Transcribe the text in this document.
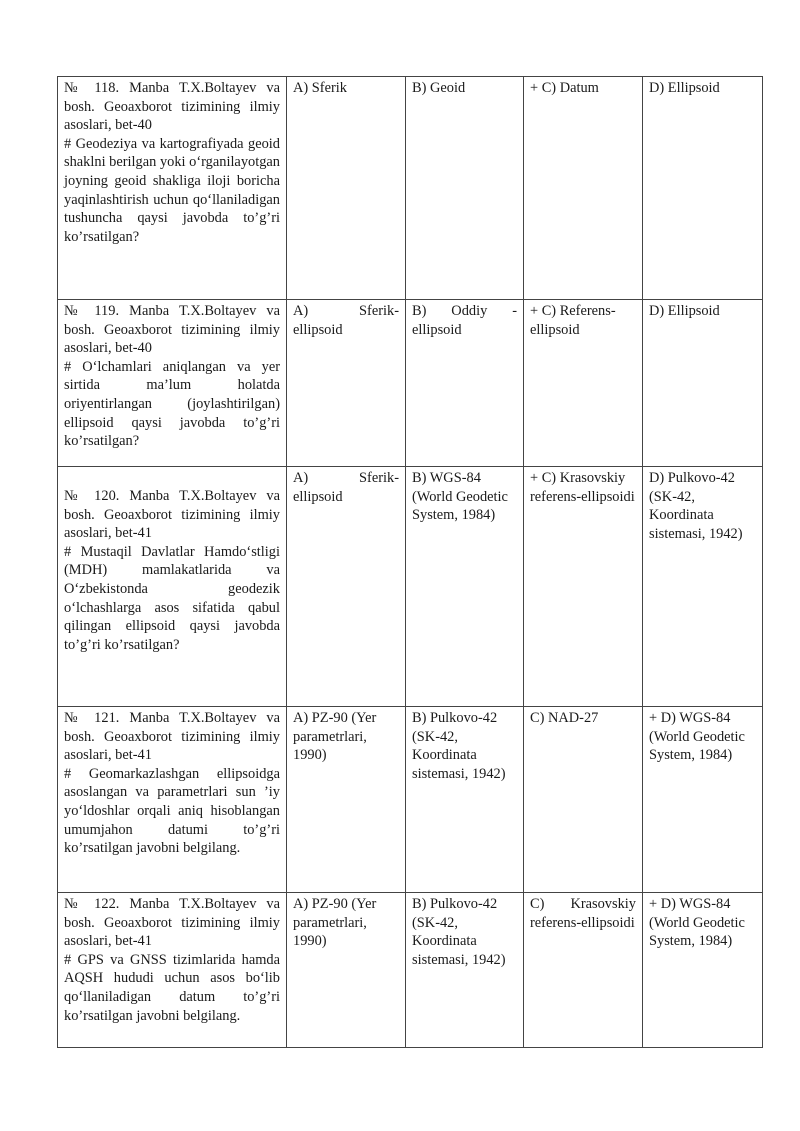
№ 118. Manba T.X.Boltayev va bosh. Geoaxborot tizimining ilmiy asoslari, bet-40
# Geodeziya va kartografiyada geoid shaklni berilgan yoki o‘rganilayotgan joyning geoid shakliga iloji boricha yaqinlashtirish uchun qo‘llaniladigan tushuncha qaysi javobda to’g’ri ko’rsatilgan?	A) Sferik	B) Geoid	+ C) Datum	D) Ellipsoid

№ 119. Manba T.X.Boltayev va bosh. Geoaxborot tizimining ilmiy asoslari, bet-40
# O‘lchamlari aniqlangan va yer sirtida ma’lum holatda oriyentirlangan (joylashtirilgan) ellipsoid qaysi javobda to’g’ri ko’rsatilgan?	A) Sferik-ellipsoid	B) Oddiy - ellipsoid	+ C) Referens-ellipsoid	D) Ellipsoid

№ 120. Manba T.X.Boltayev va bosh. Geoaxborot tizimining ilmiy asoslari, bet-41
# Mustaqil Davlatlar Hamdo‘stligi (MDH) mamlakatlarida va O‘zbekistonda geodezik o‘lchashlarga asos sifatida qabul qilingan ellipsoid qaysi javobda to’g’ri ko’rsatilgan?	A) Sferik-ellipsoid	B) WGS-84 (World Geodetic System, 1984)	+ C) Krasovskiy referens-ellipsoidi	D) Pulkovo-42 (SK-42, Koordinata sistemasi, 1942)

№ 121. Manba T.X.Boltayev va bosh. Geoaxborot tizimining ilmiy asoslari, bet-41
# Geomarkazlashgan ellipsoidga asoslangan va parametrlari sun ’iy yo‘ldoshlar orqali aniq hisoblangan umumjahon datumi to’g’ri ko’rsatilgan javobni belgilang.	A) PZ-90 (Yer parametrlari, 1990)	B) Pulkovo-42 (SK-42, Koordinata sistemasi, 1942)	C) NAD-27	+ D) WGS-84 (World Geodetic System, 1984)

№ 122. Manba T.X.Boltayev va bosh. Geoaxborot tizimining ilmiy asoslari, bet-41
# GPS va GNSS tizimlarida hamda AQSH hududi uchun asos bo‘lib qo‘llaniladigan datum to’g’ri ko’rsatilgan javobni belgilang.	A) PZ-90 (Yer parametrlari, 1990)	B) Pulkovo-42 (SK-42, Koordinata sistemasi, 1942)	C) Krasovskiy referens-ellipsoidi	+ D) WGS-84 (World Geodetic System, 1984)
